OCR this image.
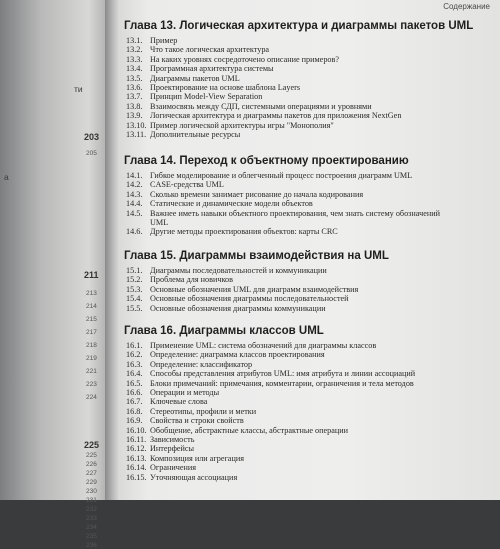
ти
а
203
205
211
213
214
215
217
218
219
221
223
224
225
225
226
227
229
230
231
232
233
234
235
236
Содержание
Глава 13. Логическая архитектура и диаграммы пакетов UML
13.1. Пример
13.2. Что такое логическая архитектура
13.3. На каких уровнях сосредоточено описание примеров?
13.4. Программная архитектура системы
13.5. Диаграммы пакетов UML
13.6. Проектирование на основе шаблона Layers
13.7. Принцип Model-View Separation
13.8. Взаимосвязь между СДП, системными операциями и уровнями
13.9. Логическая архитектура и диаграммы пакетов для приложения NextGen
13.10. Пример логической архитектуры игры "Монополия"
13.11. Дополнительные ресурсы
Глава 14. Переход к объектному проектированию
14.1. Гибкое моделирование и облегченный процесс построения диаграмм UML
14.2. CASE-средства UML
14.3. Сколько времени занимает рисование до начала кодирования
14.4. Статические и динамические модели объектов
14.5. Важнее иметь навыки объектного проектирования, чем знать систему обозначений UML
14.6. Другие методы проектирования объектов: карты CRC
Глава 15. Диаграммы взаимодействия на UML
15.1. Диаграммы последовательностей и коммуникации
15.2. Проблема для новичков
15.3. Основные обозначения UML для диаграмм взаимодействия
15.4. Основные обозначения диаграммы последовательностей
15.5. Основные обозначения диаграммы коммуникации
Глава 16. Диаграммы классов UML
16.1. Применение UML: система обозначений для диаграммы классов
16.2. Определение: диаграмма классов проектирования
16.3. Определение: классификатор
16.4. Способы представления атрибутов UML: имя атрибута и линии ассоциаций
16.5. Блоки примечаний: примечания, комментарии, ограничения и тела методов
16.6. Операции и методы
16.7. Ключевые слова
16.8. Стереотипы, профили и метки
16.9. Свойства и строки свойств
16.10. Обобщение, абстрактные классы, абстрактные операции
16.11. Зависимость
16.12. Интерфейсы
16.13. Композиция или агрегация
16.14. Ограничения
16.15. Уточняющая ассоциация
